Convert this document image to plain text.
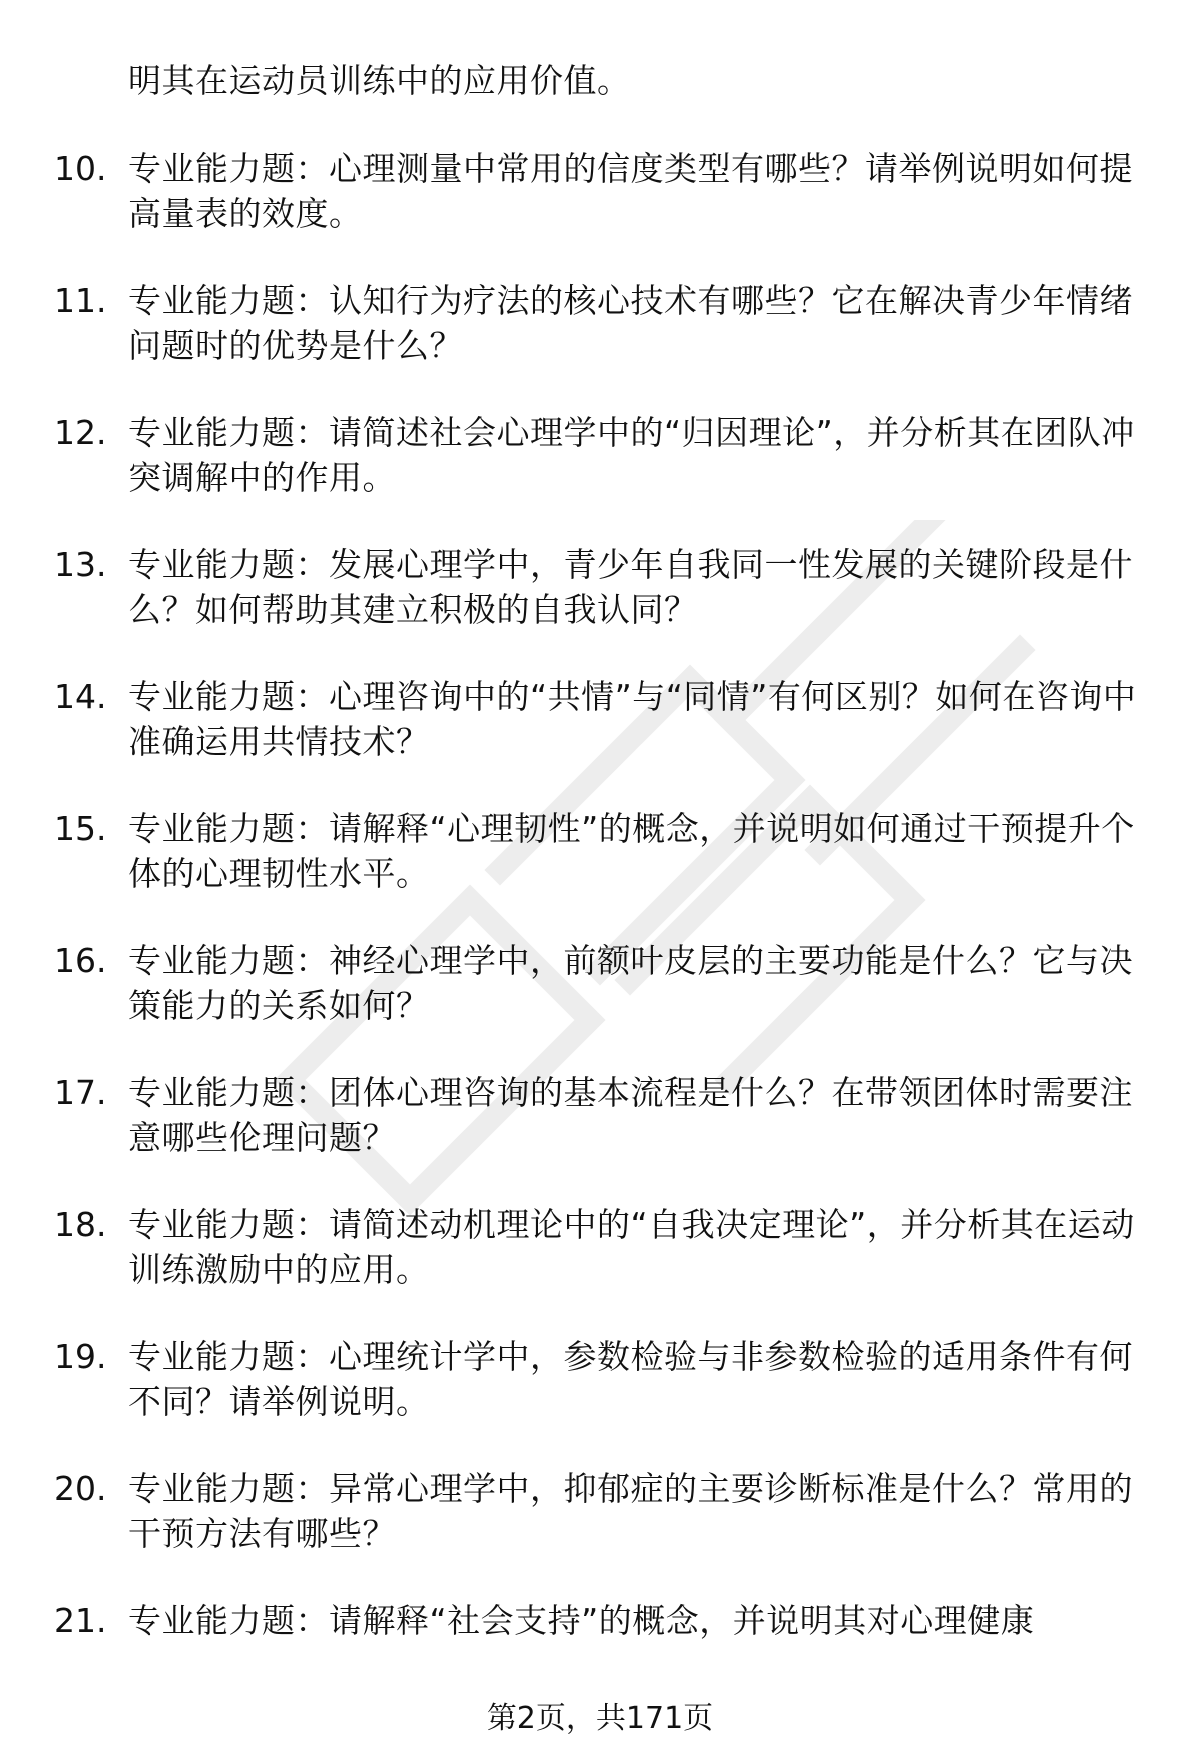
明其在运动员训练中的应用价值。
10. 专业能力题：心理测量中常用的信度类型有哪些？请举例说明如何提高量表的效度。
11. 专业能力题：认知行为疗法的核心技术有哪些？它在解决青少年情绪问题时的优势是什么？
12. 专业能力题：请简述社会心理学中的“归因理论”，并分析其在团队冲突调解中的作用。
13. 专业能力题：发展心理学中，青少年自我同一性发展的关键阶段是什么？如何帮助其建立积极的自我认同？
14. 专业能力题：心理咨询中的“共情”与“同情”有何区别？如何在咨询中准确运用共情技术？
15. 专业能力题：请解释“心理韧性”的概念，并说明如何通过干预提升个体的心理韧性水平。
16. 专业能力题：神经心理学中，前额叶皮层的主要功能是什么？它与决策能力的关系如何？
17. 专业能力题：团体心理咨询的基本流程是什么？在带领团体时需要注意哪些伦理问题？
18. 专业能力题：请简述动机理论中的“自我决定理论”，并分析其在运动训练激励中的应用。
19. 专业能力题：心理统计学中，参数检验与非参数检验的适用条件有何不同？请举例说明。
20. 专业能力题：异常心理学中，抑郁症的主要诊断标准是什么？常用的干预方法有哪些？
21. 专业能力题：请解释“社会支持”的概念，并说明其对心理健康
第2页，共171页
